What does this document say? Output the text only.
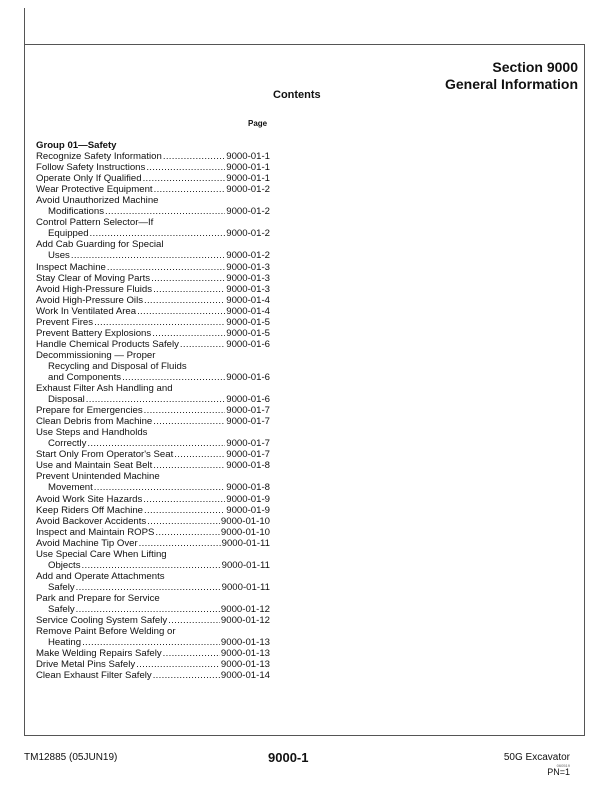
Section 9000
General Information
Contents
Page
Group 01—Safety
Recognize Safety Information .....	9000-01-1
Follow Safety Instructions .....	9000-01-1
Operate Only If Qualified .....	9000-01-1
Wear Protective Equipment .....	9000-01-2
Avoid Unauthorized Machine
Modifications .....	9000-01-2
Control Pattern Selector—If
Equipped .....	9000-01-2
Add Cab Guarding for Special
Uses .....	9000-01-2
Inspect Machine .....	9000-01-3
Stay Clear of Moving Parts .....	9000-01-3
Avoid High-Pressure Fluids .....	9000-01-3
Avoid High-Pressure Oils .....	9000-01-4
Work In Ventilated Area .....	9000-01-4
Prevent Fires .....	9000-01-5
Prevent Battery Explosions .....	9000-01-5
Handle Chemical Products Safely .....	9000-01-6
Decommissioning — Proper
Recycling and Disposal of Fluids
and Components .....	9000-01-6
Exhaust Filter Ash Handling and
Disposal .....	9000-01-6
Prepare for Emergencies .....	9000-01-7
Clean Debris from Machine .....	9000-01-7
Use Steps and Handholds
Correctly .....	9000-01-7
Start Only From Operator's Seat .....	9000-01-7
Use and Maintain Seat Belt .....	9000-01-8
Prevent Unintended Machine
Movement .....	9000-01-8
Avoid Work Site Hazards .....	9000-01-9
Keep Riders Off Machine .....	9000-01-9
Avoid Backover Accidents .....	9000-01-10
Inspect and Maintain ROPS .....	9000-01-10
Avoid Machine Tip Over .....	9000-01-11
Use Special Care When Lifting
Objects .....	9000-01-11
Add and Operate Attachments
Safely .....	9000-01-11
Park and Prepare for Service
Safely .....	9000-01-12
Service Cooling System Safely .....	9000-01-12
Remove Paint Before Welding or
Heating .....	9000-01-13
Make Welding Repairs Safely .....	9000-01-13
Drive Metal Pins Safely .....	9000-01-13
Clean Exhaust Filter Safely .....	9000-01-14
TM12885 (05JUN19)	9000-1	50G Excavator
060519
PN=1
